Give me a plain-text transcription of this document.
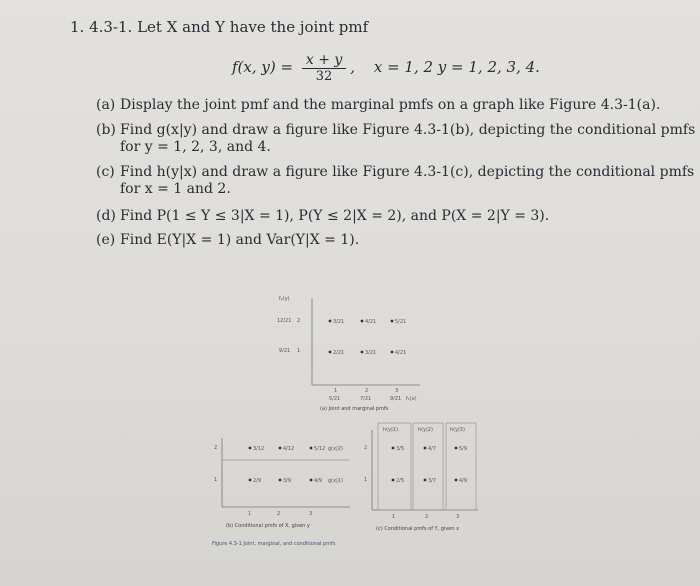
1. 4.3-1. Let X and Y have the joint pmf
f(x, $y) = \frac{x + y}{32}$ , x = 1, 2 y = 1, 2, 3, 4.
(a) Display the joint pmf and the marginal pmfs on a graph like Figure 4.3-1(a).
(b) Find g(x|y) and draw a figure like Figure 4.3-1(b), depicting the conditional pmfs
for y = 1, 2, 3, and 4.
(c) Find h(y|x) and draw a figure like Figure 4.3-1(c), depicting the conditional pmfs
for x = 1 and 2.
(d) Find P(1 ≤ Y ≤ 3|X = 1), P(Y ≤ 2|X = 2), and P(X = 2|Y = 3).
(e) Find E(Y|X = 1) and Var(Y|X = 1).
f₂(y)
12/21 2
9/21 1
3/21	4/21	5/21
2/21	3/21	4/21
1	2	3
5/21	7/21	9/21 f₁(x)
(a) Joint and marginal pmfs
2
1
3/12	4/12	5/12 g(x|2)
2/9	3/9	4/9 g(x|1)
1	2	3
(b) Conditional pmfs of X, given y
h(y|1)	h(y|2)	h(y|3)
2
1
3/5	4/7	5/9
2/5	3/7	4/9
1	2	3
(c) Conditional pmfs of Y, given x
Figure 4.3-1 Joint, marginal, and conditional pmfs
